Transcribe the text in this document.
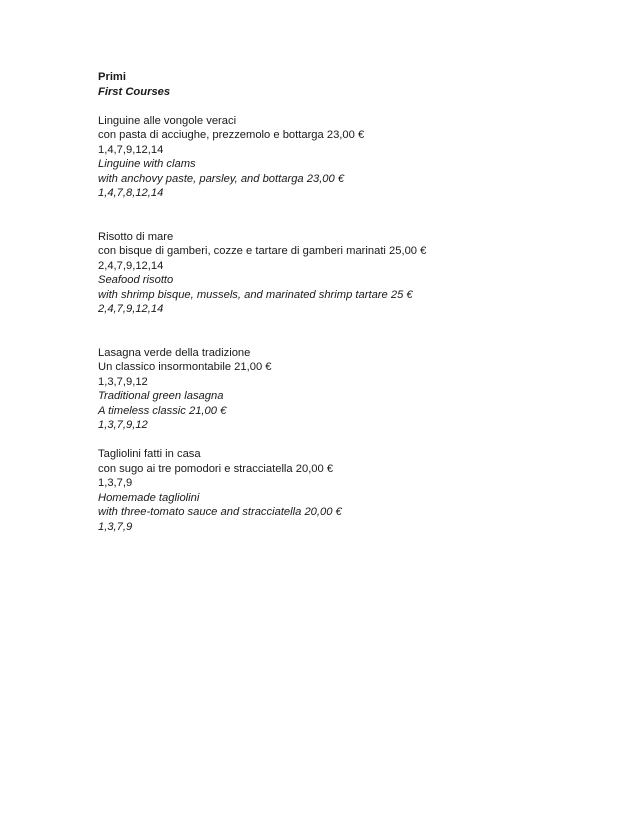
Primi
First Courses
Linguine alle vongole veraci
con pasta di acciughe, prezzemolo e bottarga 23,00 €
1,4,7,9,12,14
Linguine with clams
with anchovy paste, parsley, and bottarga 23,00 €
1,4,7,8,12,14
Risotto di mare
con bisque di gamberi, cozze e tartare di gamberi marinati 25,00 €
2,4,7,9,12,14
Seafood risotto
with shrimp bisque, mussels, and marinated shrimp tartare 25 €
2,4,7,9,12,14
Lasagna verde della tradizione
Un classico insormontabile 21,00 €
1,3,7,9,12
Traditional green lasagna
A timeless classic 21,00 €
1,3,7,9,12
Tagliolini fatti in casa
con sugo ai tre pomodori e stracciatella 20,00 €
1,3,7,9
Homemade tagliolini
with three-tomato sauce and stracciatella 20,00 €
1,3,7,9
